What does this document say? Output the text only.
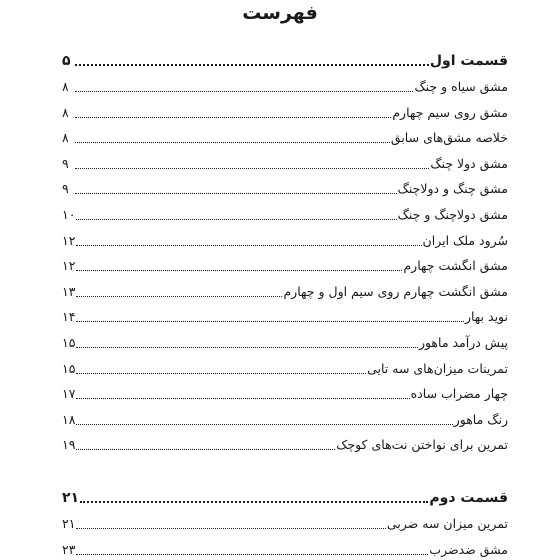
فهرست
قسمت اول
۵
مشق سیاه و چنگ
۸
مشق روی سیم چهارم
۸
خلاصه مشق‌های سابق
۸
مشق دولا چنگ
۹
مشق چنگ و دولاچنگ
۹
مشق دولاچنگ و چنگ
۱۰
سُرود ملک ایران
۱۲
مشق انگشت چهارم
۱۲
مشق انگشت چهارم روی سیم اول و چهارم
۱۳
نوید بهار
۱۴
پیش درآمد ماهور
۱۵
تمرینات میزان‌های سه تایی
۱۵
چهار مضراب ساده
۱۷
رنگ ماهور
۱۸
تمرین برای نواختن نت‌های کوچک
۱۹
قسمت دوم
۲۱
تمرین میزان سه ضربی
۲۱
مشق ضدضرب
۲۳
